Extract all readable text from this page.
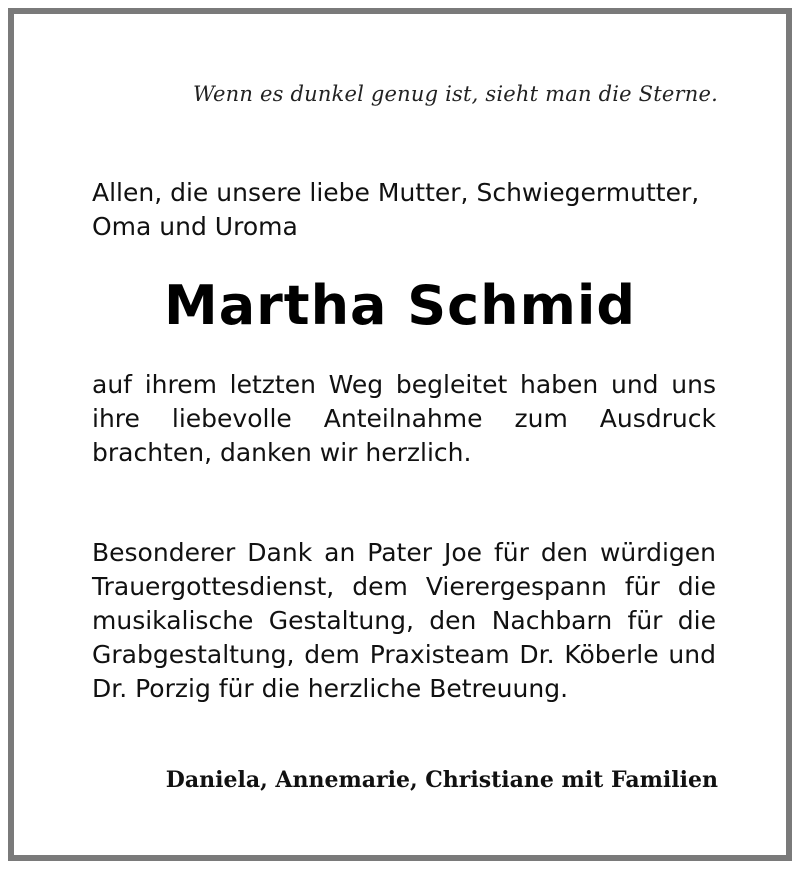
Wenn es dunkel genug ist, sieht man die Sterne.
Allen, die unsere liebe Mutter, Schwiegermutter, Oma und Uroma
Martha Schmid
auf ihrem letzten Weg begleitet haben und uns ihre liebevolle Anteilnahme zum Ausdruck brachten, danken wir herzlich.
Besonderer Dank an Pater Joe für den würdigen Trauergottesdienst, dem Vierergespann für die musikalische Gestaltung, den Nachbarn für die Grabgestaltung, dem Praxisteam Dr. Köberle und Dr. Porzig für die herzliche Betreuung.
Daniela, Annemarie, Christiane mit Familien
